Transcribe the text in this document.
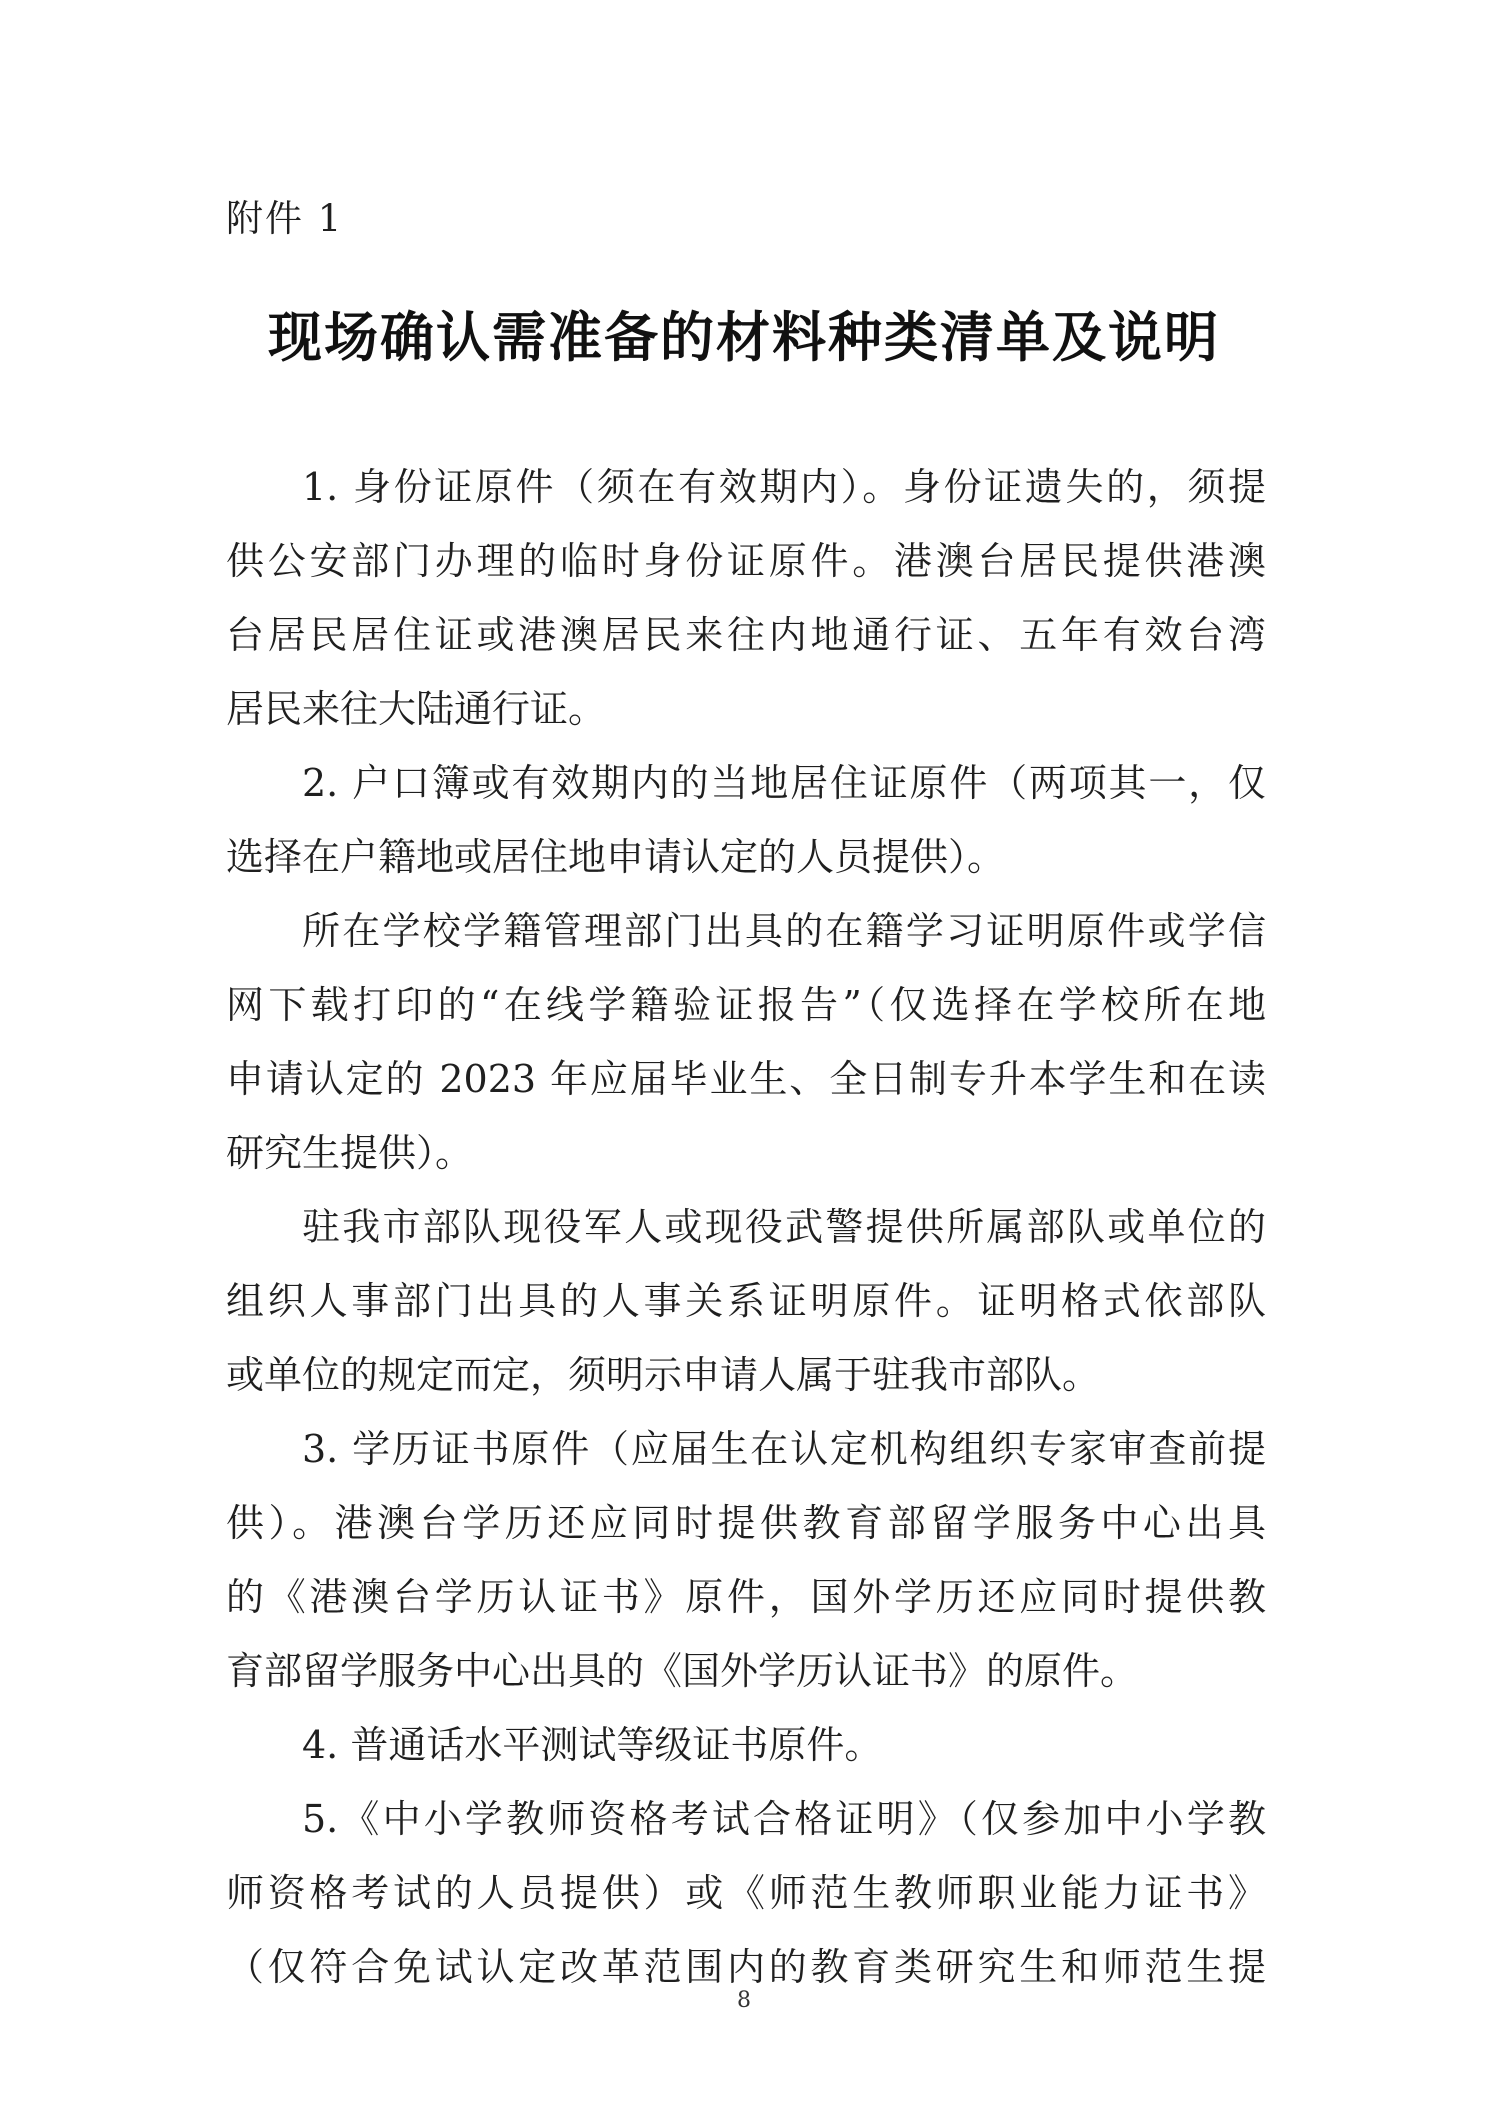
附件 1
现场确认需准备的材料种类清单及说明
1. 身份证原件（须在有效期内）。身份证遗失的，须提
供公安部门办理的临时身份证原件。港澳台居民提供港澳
台居民居住证或港澳居民来往内地通行证、五年有效台湾
居民来往大陆通行证。
2. 户口簿或有效期内的当地居住证原件（两项其一，仅
选择在户籍地或居住地申请认定的人员提供）。
所在学校学籍管理部门出具的在籍学习证明原件或学信
网下载打印的“在线学籍验证报告”（仅选择在学校所在地
申请认定的 2023 年应届毕业生、全日制专升本学生和在读
研究生提供）。
驻我市部队现役军人或现役武警提供所属部队或单位的
组织人事部门出具的人事关系证明原件。证明格式依部队
或单位的规定而定，须明示申请人属于驻我市部队。
3. 学历证书原件（应届生在认定机构组织专家审查前提
供）。港澳台学历还应同时提供教育部留学服务中心出具
的《港澳台学历认证书》原件，国外学历还应同时提供教
育部留学服务中心出具的《国外学历认证书》的原件。
4. 普通话水平测试等级证书原件。
5.《中小学教师资格考试合格证明》（仅参加中小学教
师资格考试的人员提供）或《师范生教师职业能力证书》
（仅符合免试认定改革范围内的教育类研究生和师范生提
8
